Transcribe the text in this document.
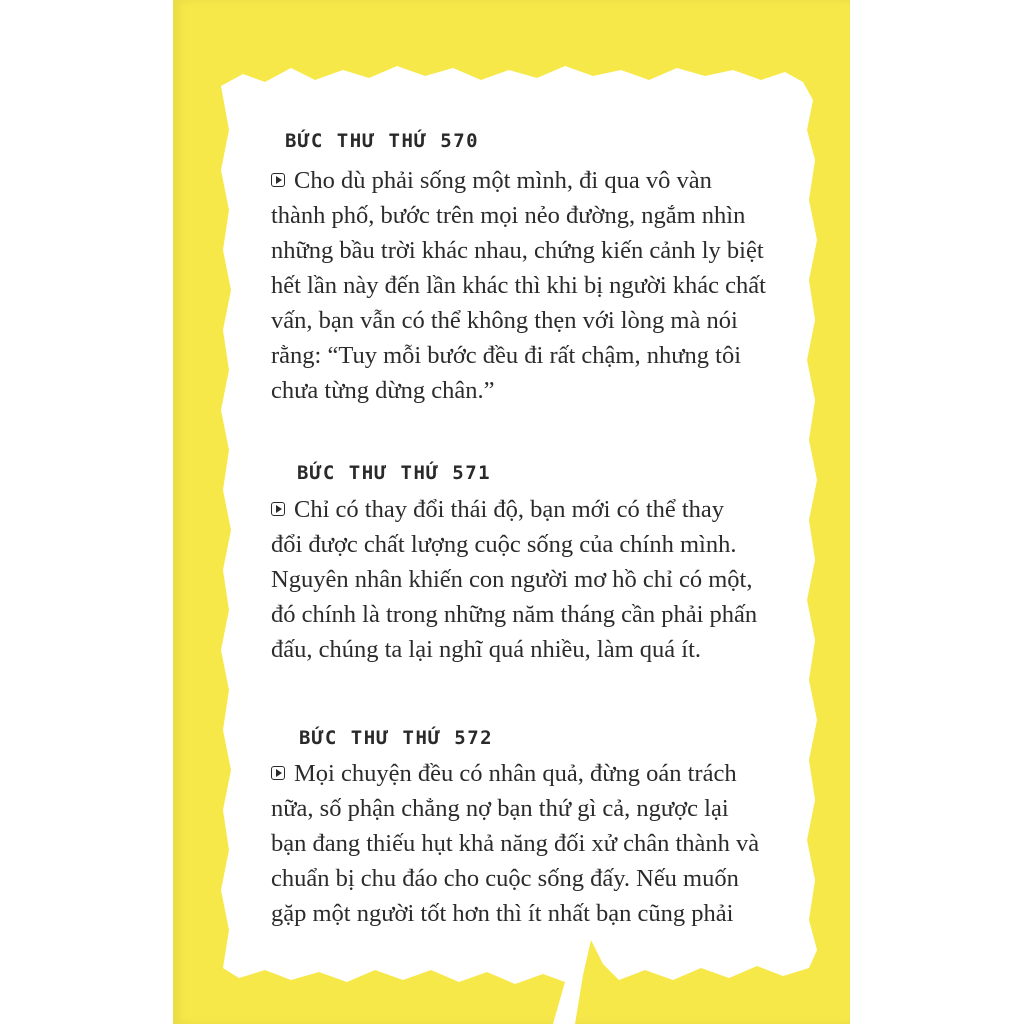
BỨC THƯ THỨ 570
Cho dù phải sống một mình, đi qua vô vàn
thành phố, bước trên mọi nẻo đường, ngắm nhìn
những bầu trời khác nhau, chứng kiến cảnh ly biệt
hết lần này đến lần khác thì khi bị người khác chất
vấn, bạn vẫn có thể không thẹn với lòng mà nói
rằng: “Tuy mỗi bước đều đi rất chậm, nhưng tôi
chưa từng dừng chân.”
BỨC THƯ THỨ 571
Chỉ có thay đổi thái độ, bạn mới có thể thay
đổi được chất lượng cuộc sống của chính mình.
Nguyên nhân khiến con người mơ hồ chỉ có một,
đó chính là trong những năm tháng cần phải phấn
đấu, chúng ta lại nghĩ quá nhiều, làm quá ít.
BỨC THƯ THỨ 572
Mọi chuyện đều có nhân quả, đừng oán trách
nữa, số phận chẳng nợ bạn thứ gì cả, ngược lại
bạn đang thiếu hụt khả năng đối xử chân thành và
chuẩn bị chu đáo cho cuộc sống đấy. Nếu muốn
gặp một người tốt hơn thì ít nhất bạn cũng phải
